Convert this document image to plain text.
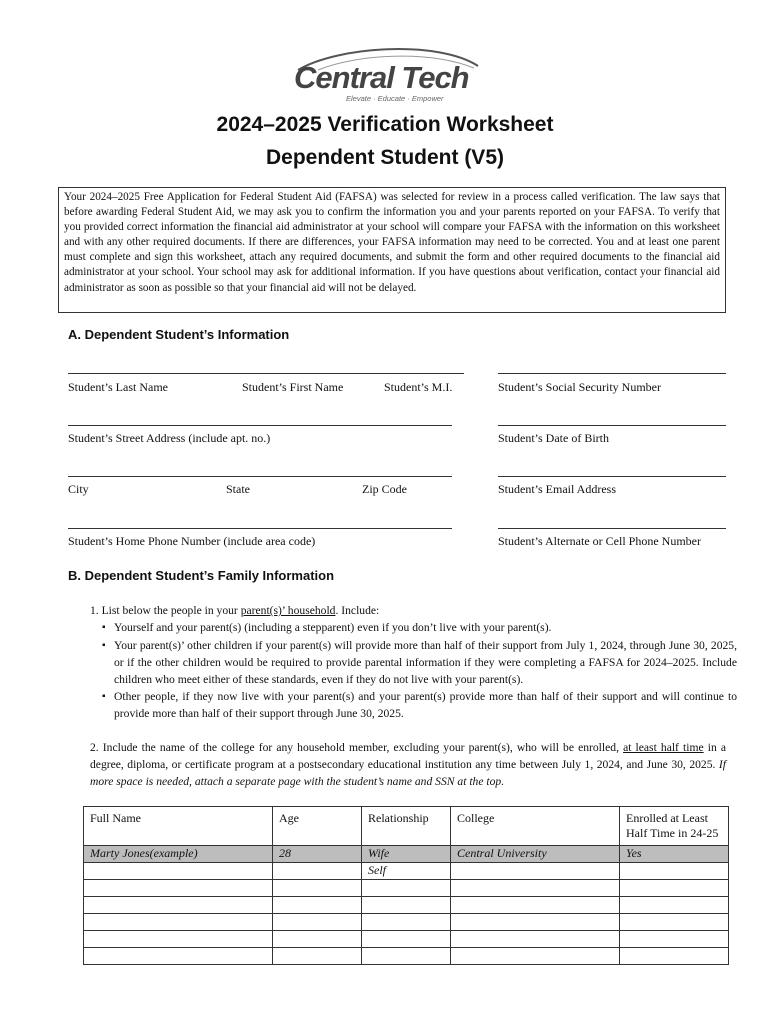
Central Tech
Elevate · Educate · Empower
2024–2025 Verification Worksheet
Dependent Student (V5)
Your 2024–2025 Free Application for Federal Student Aid (FAFSA) was selected for review in a process called verification. The law says that before awarding Federal Student Aid, we may ask you to confirm the information you and your parents reported on your FAFSA. To verify that you provided correct information the financial aid administrator at your school will compare your FAFSA with the information on this worksheet and with any other required documents. If there are differences, your FAFSA information may need to be corrected. You and at least one parent must complete and sign this worksheet, attach any required documents, and submit the form and other required documents to the financial aid administrator at your school. Your school may ask for additional information. If you have questions about verification, contact your financial aid administrator as soon as possible so that your financial aid will not be delayed.
A. Dependent Student’s Information
Student’s Last Name	Student’s First Name	Student’s M.I.	Student’s Social Security Number
Student’s Street Address (include apt. no.)	Student’s Date of Birth
City	State	Zip Code	Student’s Email Address
Student’s Home Phone Number (include area code)	Student’s Alternate or Cell Phone Number
B. Dependent Student’s Family Information
1. List below the people in your parent(s)’ household. Include:
▪ Yourself and your parent(s) (including a stepparent) even if you don’t live with your parent(s).
▪ Your parent(s)’ other children if your parent(s) will provide more than half of their support from July 1, 2024, through June 30, 2025, or if the other children would be required to provide parental information if they were completing a FAFSA for 2024–2025. Include children who meet either of these standards, even if they do not live with your parent(s).
▪ Other people, if they now live with your parent(s) and your parent(s) provide more than half of their support and will continue to provide more than half of their support through June 30, 2025.
2. Include the name of the college for any household member, excluding your parent(s), who will be enrolled, at least half time in a degree, diploma, or certificate program at a postsecondary educational institution any time between July 1, 2024, and June 30, 2025. If more space is needed, attach a separate page with the student’s name and SSN at the top.
Full Name	Age	Relationship	College	Enrolled at Least Half Time in 24-25
Marty Jones(example)	28	Wife	Central University	Yes
		Self		
